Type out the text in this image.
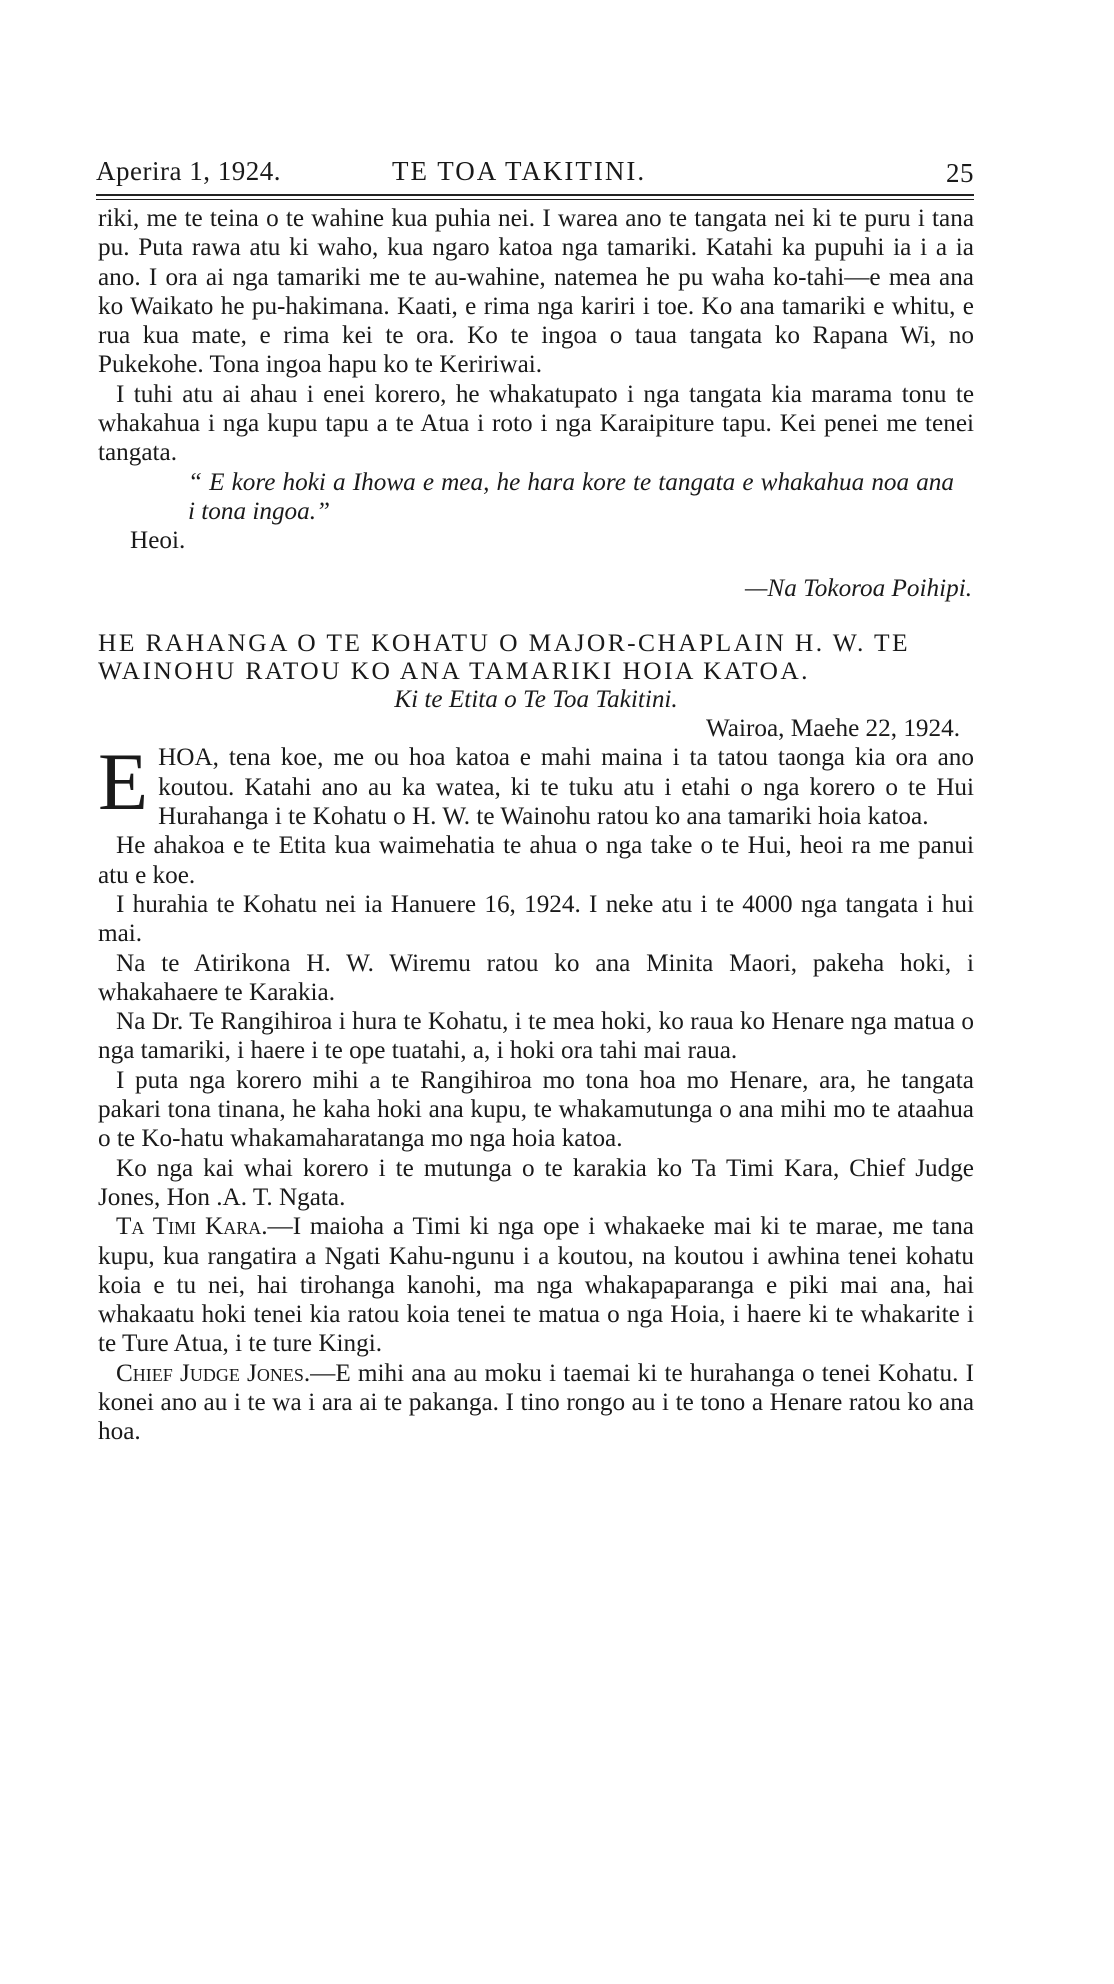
Aperira 1, 1924.	TE TOA TAKITINI.	25

riki, me te teina o te wahine kua puhia nei. I warea ano te tangata nei ki te puru i tana pu. Puta rawa atu ki waho, kua ngaro katoa nga tamariki. Katahi ka pupuhi ia i a ia ano. I ora ai nga tamariki me te au-wahine, natemea he pu waha ko-tahi—e mea ana ko Waikato he pu-hakimana. Kaati, e rima nga kariri i toe. Ko ana tamariki e whitu, e rua kua mate, e rima kei te ora. Ko te ingoa o taua tangata ko Rapana Wi, no Pukekohe. Tona ingoa hapu ko te Keririwai.

I tuhi atu ai ahau i enei korero, he whakatupato i nga tangata kia marama tonu te whakahua i nga kupu tapu a te Atua i roto i nga Karaipiture tapu. Kei penei me tenei tangata.

“ E kore hoki a Ihowa e mea, he hara kore te tangata e whakahua noa ana i tona ingoa.”

Heoi.

—Na Tokoroa Poihipi.

HE RAHANGA O TE KOHATU O MAJOR-CHAPLAIN H. W. TE WAINOHU RATOU KO ANA TAMARIKI HOIA KATOA.

Ki te Etita o Te Toa Takitini.

Wairoa, Maehe 22, 1924.

EHOA, tena koe, me ou hoa katoa e mahi maina i ta tatou taonga kia ora ano koutou. Katahi ano au ka watea, ki te tuku atu i etahi o nga korero o te Hui Hurahanga i te Kohatu o H. W. te Wainohu ratou ko ana tamariki hoia katoa.

He ahakoa e te Etita kua waimehatia te ahua o nga take o te Hui, heoi ra me panui atu e koe.

I hurahia te Kohatu nei ia Hanuere 16, 1924. I neke atu i te 4000 nga tangata i hui mai.

Na te Atirikona H. W. Wiremu ratou ko ana Minita Maori, pakeha hoki, i whakahaere te Karakia.

Na Dr. Te Rangihiroa i hura te Kohatu, i te mea hoki, ko raua ko Henare nga matua o nga tamariki, i haere i te ope tuatahi, a, i hoki ora tahi mai raua.

I puta nga korero mihi a te Rangihiroa mo tona hoa mo Henare, ara, he tangata pakari tona tinana, he kaha hoki ana kupu, te whakamutunga o ana mihi mo te ataahua o te Ko-hatu whakamaharatanga mo nga hoia katoa.

Ko nga kai whai korero i te mutunga o te karakia ko Ta Timi Kara, Chief Judge Jones, Hon .A. T. Ngata.

Ta Timi Kara.—I maioha a Timi ki nga ope i whakaeke mai ki te marae, me tana kupu, kua rangatira a Ngati Kahu-ngunu i a koutou, na koutou i awhina tenei kohatu koia e tu nei, hai tirohanga kanohi, ma nga whakapaparanga e piki mai ana, hai whakaatu hoki tenei kia ratou koia tenei te matua o nga Hoia, i haere ki te whakarite i te Ture Atua, i te ture Kingi.

Chief Judge Jones.—E mihi ana au moku i taemai ki te hurahanga o tenei Kohatu. I konei ano au i te wa i ara ai te pakanga. I tino rongo au i te tono a Henare ratou ko ana hoa.
